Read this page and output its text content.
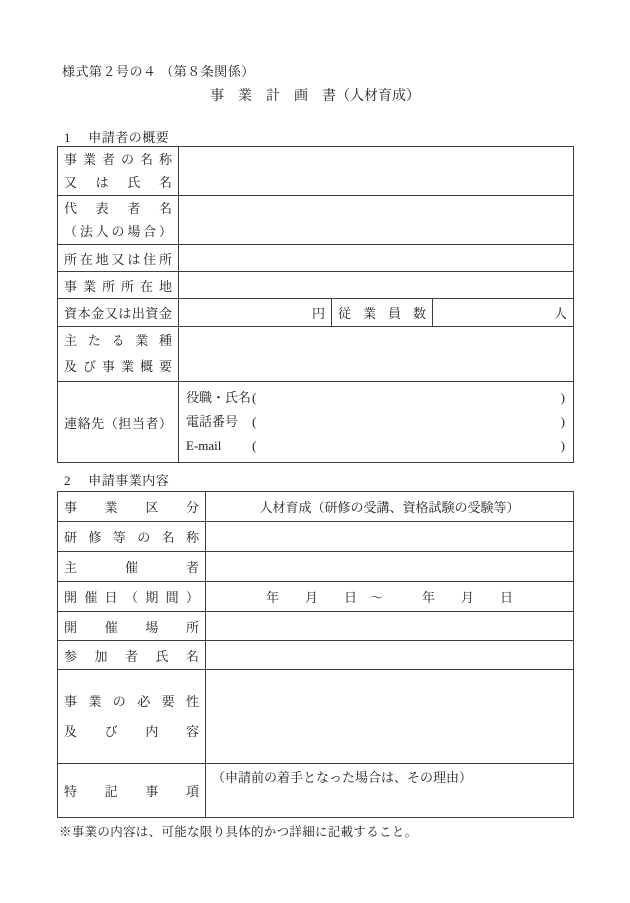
様式第２号の４ （第８条関係）
事　業　計　画　書（人材育成）
1　 申請者の概要
事 業 者 の 名 称
又 は 氏 名			

代 表 者 名
（法人の場合）			

所在地又は住所			

事 業 所 所 在 地			

資本金又は出資金	円	従 業 員 数	人

主 た る 業 種
及 び 事 業 概 要			

連絡先（担当者）

役職・氏名 (	)
電話番号	(	)
E-mail	(	)
2　 申請事業内容
事 業 区 分	人材育成（研修の受講、資格試験の受験等）

研 修 等 の 名 称	

主 催 者	

開 催 日 （ 期 間 ）	年　　月　　日　～　　　年　　月　　日

開 催 場 所	

参 加 者 氏 名	

事 業 の 必 要 性
及 び 内 容	

特 記 事 項	（申請前の着手となった場合は、その理由）
※事業の内容は、可能な限り具体的かつ詳細に記載すること。
